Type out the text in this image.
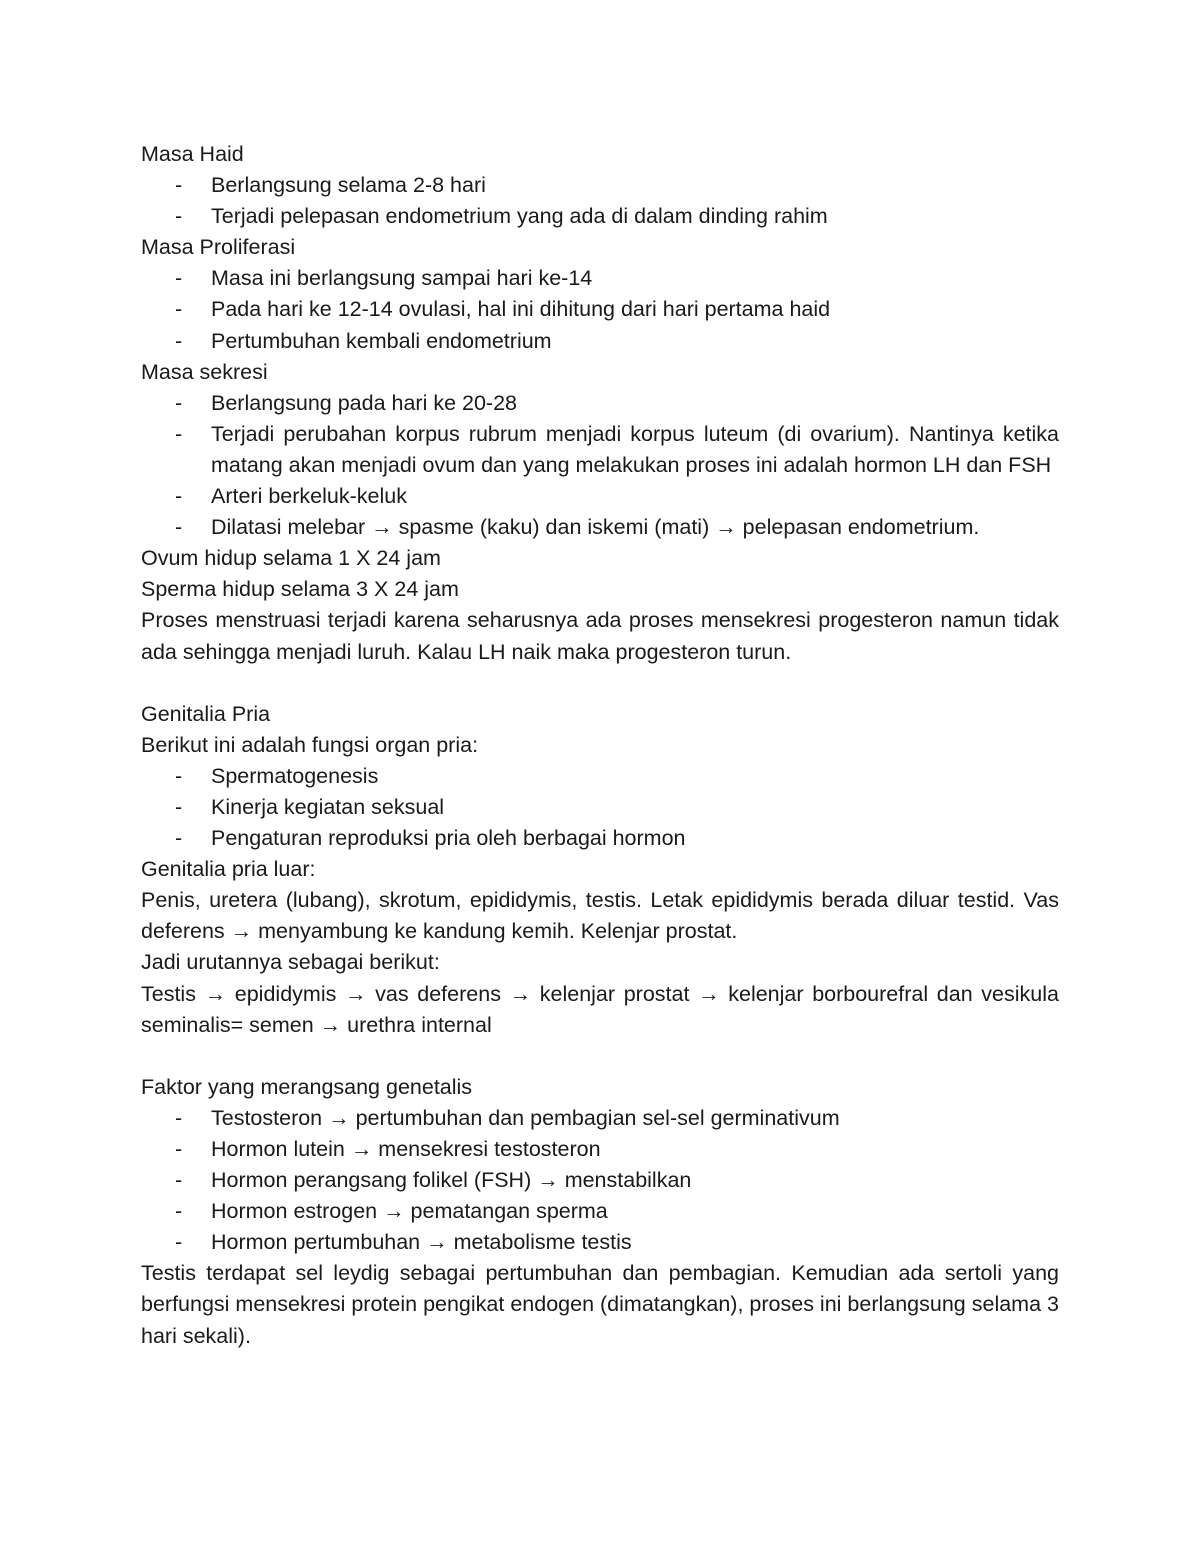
Masa Haid

- Berlangsung selama 2-8 hari
- Terjadi pelepasan endometrium yang ada di dalam dinding rahim

Masa Proliferasi

- Masa ini berlangsung sampai hari ke-14
- Pada hari ke 12-14 ovulasi, hal ini dihitung dari hari pertama haid
- Pertumbuhan kembali endometrium

Masa sekresi

- Berlangsung pada hari ke 20-28
- Terjadi perubahan korpus rubrum menjadi korpus luteum (di ovarium). Nantinya ketika matang akan menjadi ovum dan yang melakukan proses ini adalah hormon LH dan FSH
- Arteri berkeluk-keluk
- Dilatasi melebar → spasme (kaku) dan iskemi (mati) → pelepasan endometrium.

Ovum hidup selama 1 X 24 jam

Sperma hidup selama 3 X 24 jam

Proses menstruasi terjadi karena seharusnya ada proses mensekresi progesteron namun tidak ada sehingga menjadi luruh. Kalau LH naik maka progesteron turun.

Genitalia Pria

Berikut ini adalah fungsi organ pria:

- Spermatogenesis
- Kinerja kegiatan seksual
- Pengaturan reproduksi pria oleh berbagai hormon

Genitalia pria luar:

Penis, uretera (lubang), skrotum, epididymis, testis. Letak epididymis berada diluar testid. Vas deferens → menyambung ke kandung kemih. Kelenjar prostat.

Jadi urutannya sebagai berikut:

Testis → epididymis → vas deferens → kelenjar prostat → kelenjar borbourefral dan vesikula seminalis= semen → urethra internal

Faktor yang merangsang genetalis

- Testosteron → pertumbuhan dan pembagian sel-sel germinativum
- Hormon lutein → mensekresi testosteron
- Hormon perangsang folikel (FSH) → menstabilkan
- Hormon estrogen → pematangan sperma
- Hormon pertumbuhan → metabolisme testis

Testis terdapat sel leydig sebagai pertumbuhan dan pembagian. Kemudian ada sertoli yang berfungsi mensekresi protein pengikat endogen (dimatangkan), proses ini berlangsung selama 3 hari sekali).
